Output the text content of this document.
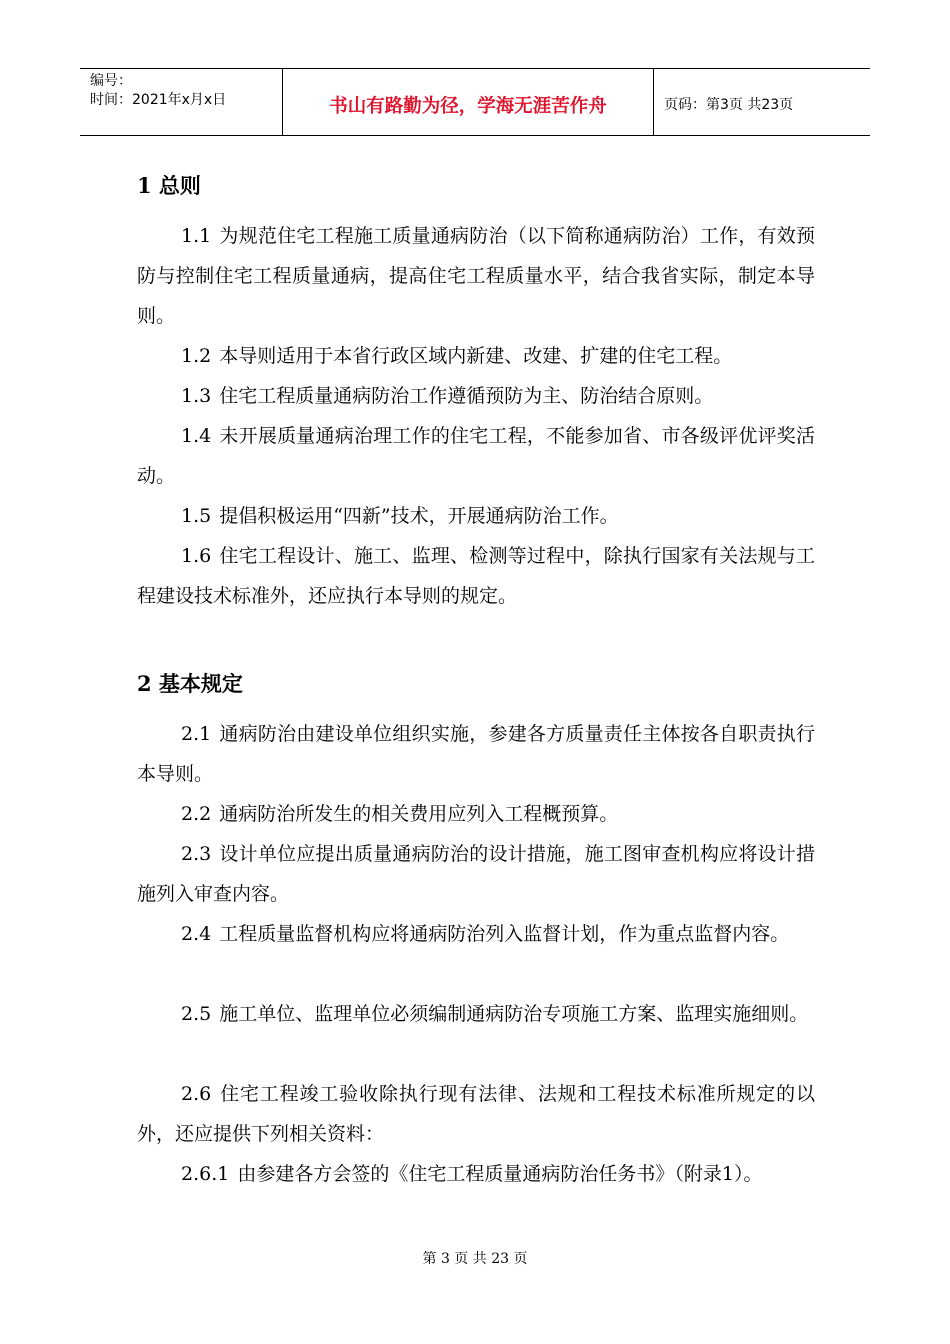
编号：
时间：2021年x月x日	书山有路勤为径，学海无涯苦作舟	页码：第3页 共23页
1 总则
1.1 为规范住宅工程施工质量通病防治（以下简称通病防治）工作，有效预防与控制住宅工程质量通病，提高住宅工程质量水平，结合我省实际，制定本导则。
1.2 本导则适用于本省行政区域内新建、改建、扩建的住宅工程。
1.3 住宅工程质量通病防治工作遵循预防为主、防治结合原则。
1.4 未开展质量通病治理工作的住宅工程，不能参加省、市各级评优评奖活动。
1.5 提倡积极运用“四新”技术，开展通病防治工作。
1.6 住宅工程设计、施工、监理、检测等过程中，除执行国家有关法规与工程建设技术标准外，还应执行本导则的规定。
2 基本规定
2.1 通病防治由建设单位组织实施，参建各方质量责任主体按各自职责执行本导则。
2.2 通病防治所发生的相关费用应列入工程概预算。
2.3 设计单位应提出质量通病防治的设计措施，施工图审查机构应将设计措施列入审查内容。
2.4 工程质量监督机构应将通病防治列入监督计划，作为重点监督内容。
2.5 施工单位、监理单位必须编制通病防治专项施工方案、监理实施细则。
2.6 住宅工程竣工验收除执行现有法律、法规和工程技术标准所规定的以外，还应提供下列相关资料：
2.6.1 由参建各方会签的《住宅工程质量通病防治任务书》（附录1）。
第 3 页 共 23 页
